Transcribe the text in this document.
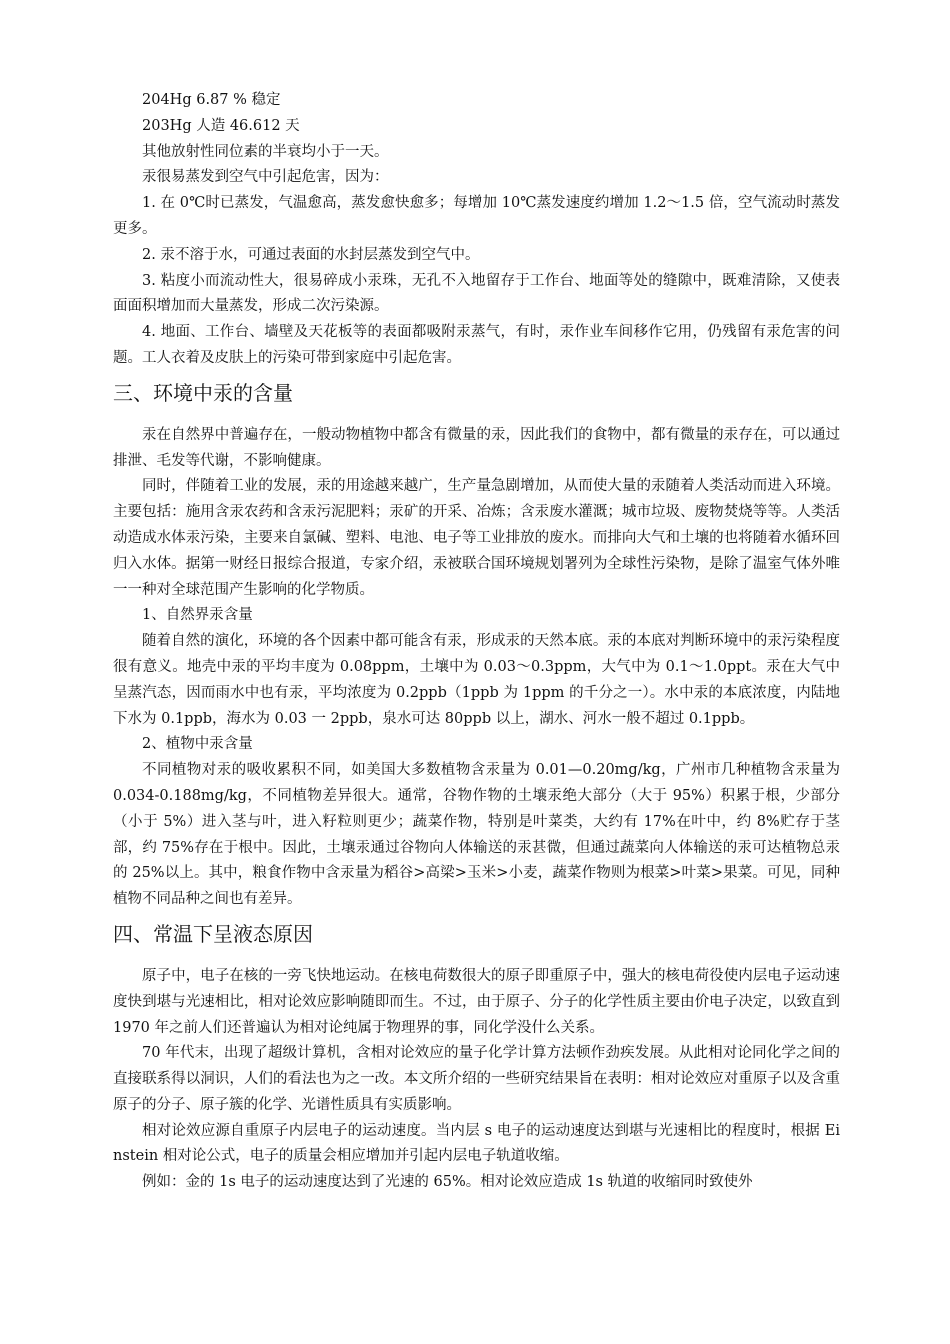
204Hg 6.87 % 稳定

203Hg 人造 46.612 天

其他放射性同位素的半衰均小于一天。

汞很易蒸发到空气中引起危害，因为：

1. 在 0℃时已蒸发，气温愈高，蒸发愈快愈多；每增加 10℃蒸发速度约增加 1.2～1.5 倍，空气流动时蒸发更多。

2. 汞不溶于水，可通过表面的水封层蒸发到空气中。

3. 粘度小而流动性大，很易碎成小汞珠，无孔不入地留存于工作台、地面等处的缝隙中，既难清除，又使表面面积增加而大量蒸发，形成二次污染源。

4. 地面、工作台、墙壁及天花板等的表面都吸附汞蒸气，有时，汞作业车间移作它用，仍残留有汞危害的问题。工人衣着及皮肤上的污染可带到家庭中引起危害。

三、环境中汞的含量

汞在自然界中普遍存在，一般动物植物中都含有微量的汞，因此我们的食物中，都有微量的汞存在，可以通过排泄、毛发等代谢，不影响健康。

同时，伴随着工业的发展，汞的用途越来越广，生产量急剧增加，从而使大量的汞随着人类活动而进入环境。主要包括：施用含汞农药和含汞污泥肥料；汞矿的开采、冶炼；含汞废水灌溉；城市垃圾、废物焚烧等等。人类活动造成水体汞污染，主要来自氯碱、塑料、电池、电子等工业排放的废水。而排向大气和土壤的也将随着水循环回归入水体。据第一财经日报综合报道，专家介绍，汞被联合国环境规划署列为全球性污染物，是除了温室气体外唯一一种对全球范围产生影响的化学物质。

1、自然界汞含量

随着自然的演化，环境的各个因素中都可能含有汞，形成汞的天然本底。汞的本底对判断环境中的汞污染程度很有意义。地壳中汞的平均丰度为 0.08ppm，土壤中为 0.03～0.3ppm，大气中为 0.1～1.0ppt。汞在大气中呈蒸汽态，因而雨水中也有汞，平均浓度为 0.2ppb（1ppb 为 1ppm 的千分之一）。水中汞的本底浓度，内陆地下水为 0.1ppb，海水为 0.03 一 2ppb，泉水可达 80ppb 以上，湖水、河水一般不超过 0.1ppb。

2、植物中汞含量

不同植物对汞的吸收累积不同，如美国大多数植物含汞量为 0.01—0.20mg/kg，广州市几种植物含汞量为 0.034-0.188mg/kg，不同植物差异很大。通常，谷物作物的土壤汞绝大部分（大于 95%）积累于根，少部分（小于 5%）进入茎与叶，进入籽粒则更少；蔬菜作物，特别是叶菜类，大约有 17%在叶中，约 8%贮存于茎部，约 75%存在于根中。因此，土壤汞通过谷物向人体输送的汞甚微，但通过蔬菜向人体输送的汞可达植物总汞的 25%以上。其中，粮食作物中含汞量为稻谷>高梁>玉米>小麦，蔬菜作物则为根菜>叶菜>果菜。可见，同种植物不同品种之间也有差异。

四、常温下呈液态原因

原子中，电子在核的一旁飞快地运动。在核电荷数很大的原子即重原子中，强大的核电荷役使内层电子运动速度快到堪与光速相比，相对论效应影响随即而生。不过，由于原子、分子的化学性质主要由价电子决定，以致直到 1970 年之前人们还普遍认为相对论纯属于物理界的事，同化学没什么关系。

70 年代末，出现了超级计算机，含相对论效应的量子化学计算方法顿作劲疾发展。从此相对论同化学之间的直接联系得以洞识，人们的看法也为之一改。本文所介绍的一些研究结果旨在表明：相对论效应对重原子以及含重原子的分子、原子簇的化学、光谱性质具有实质影响。

相对论效应源自重原子内层电子的运动速度。当内层 s 电子的运动速度达到堪与光速相比的程度时，根据 Einstein 相对论公式，电子的质量会相应增加并引起内层电子轨道收缩。

例如：金的 1s 电子的运动速度达到了光速的 65%。相对论效应造成 1s 轨道的收缩同时致使外
